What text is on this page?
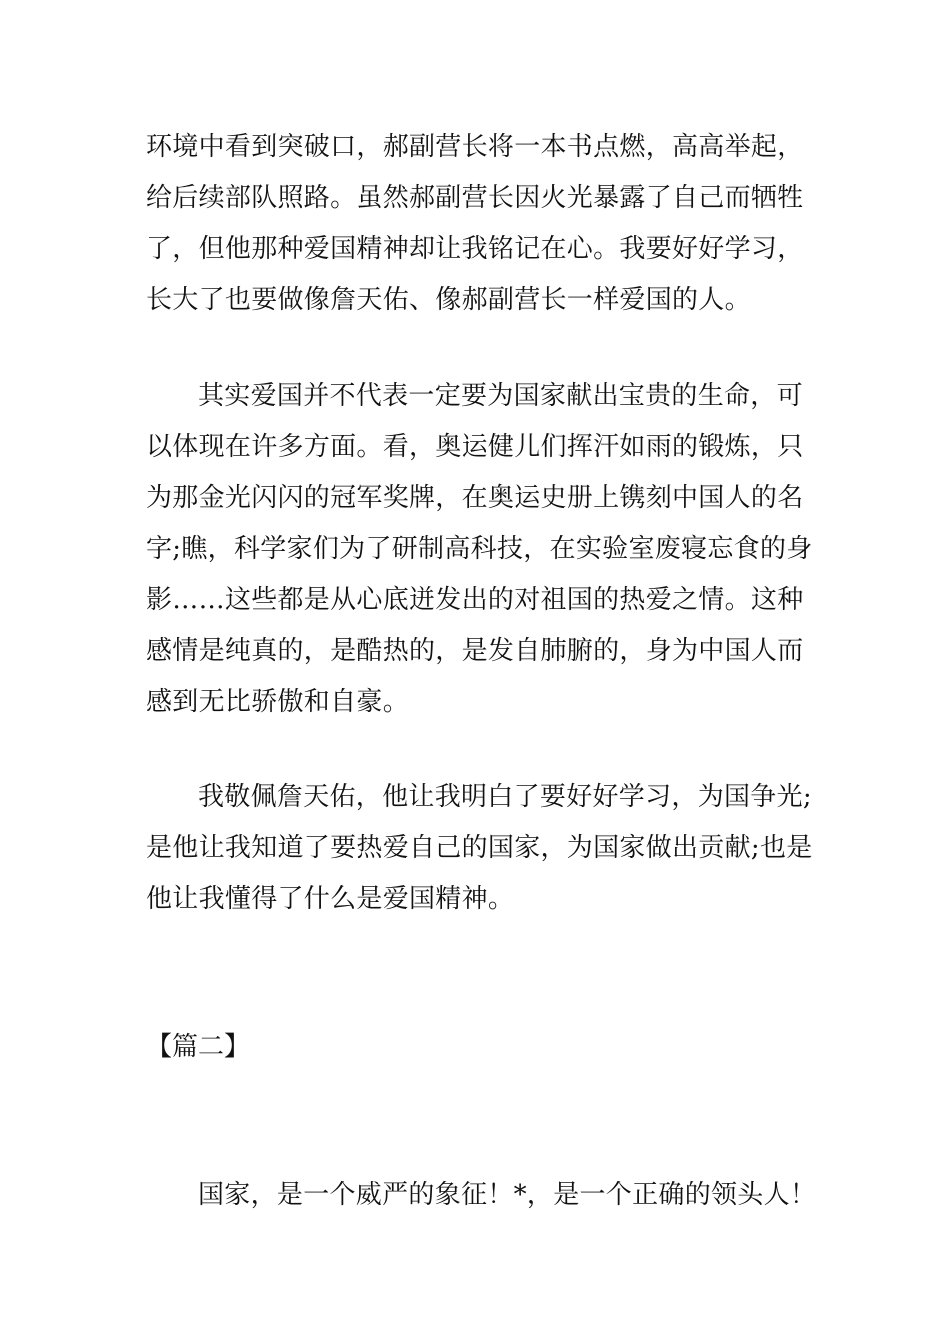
环境中看到突破口，郝副营长将一本书点燃，高高举起，
给后续部队照路。虽然郝副营长因火光暴露了自己而牺牲
了，但他那种爱国精神却让我铭记在心。我要好好学习，
长大了也要做像詹天佑、像郝副营长一样爱国的人。
其实爱国并不代表一定要为国家献出宝贵的生命，可
以体现在许多方面。看，奥运健儿们挥汗如雨的锻炼，只
为那金光闪闪的冠军奖牌，在奥运史册上镌刻中国人的名
字;瞧，科学家们为了研制高科技，在实验室废寝忘食的身
影……这些都是从心底迸发出的对祖国的热爱之情。这种
感情是纯真的，是酷热的，是发自肺腑的，身为中国人而
感到无比骄傲和自豪。
我敬佩詹天佑，他让我明白了要好好学习，为国争光;
是他让我知道了要热爱自己的国家，为国家做出贡献;也是
他让我懂得了什么是爱国精神。
【篇二】
国家，是一个威严的象征！*，是一个正确的领头人！
